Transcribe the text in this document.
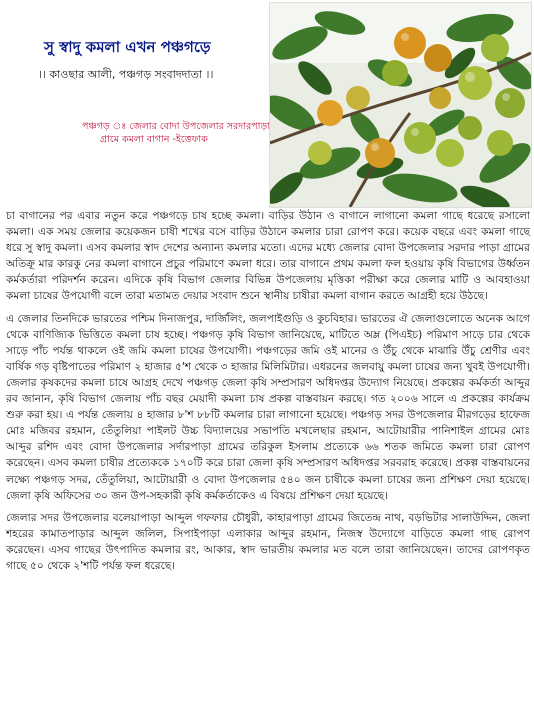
সু স্বাদু কমলা এখন পঞ্চগড়ে
।। কাওছার আলী, পঞ্চগড় সংবাদদাতা ।।
পঞ্চগড় ঃ জেলার বোদা উপজেলার সরদারপাড়া
গ্রামে কমলা বাগান -ইত্তেফাক

চা বাগানের পর এবার নতুন করে পঞ্চগড়ে চাষ হচ্ছে কমলা। বাড়ির উঠান ও বাগানে লাগানো কমলা গাছে ধরেছে রসালো কমলা। এক সময় জেলার কয়েকজন চাষী শখের বসে বাড়ির উঠানে কমলার চারা রোপণ করে। কয়েক বছরে এবং কমলা গাছে ধরে সু স্বাদু কমলা। এসব কমলার স্বাদ দেশের অন্যান্য কমলার মতো। এদের মধ্যে জেলার বোদা উপজেলার সরদার পাড়া গ্রামের অতিক্রূ মার কারকু নের কমলা বাগানে প্রচুর পরিমাণে কমলা ধরে। তার বাগানে প্রথম কমলা ফল হওয়ায় কৃষি বিভাগের উর্ধ্বতন কর্মকর্তারা পরিদর্শন করেন। এদিকে কৃষি বিভাগ জেলার বিভিন্ন উপজেলায় মৃত্তিকা পরীক্ষা করে জেলার মাটি ও আবহাওয়া কমলা চাষের উপযোগী বলে তারা মতামত দেয়ার সংবাদ শুনে স্থানীয় চাষীরা কমলা বাগান করতে আগ্রহী হয়ে উঠছে।

এ জেলার তিনদিকে ভারতের পশ্চিম দিনাজপুর, দার্জিলিং, জলপাইগুড়ি ও কুচবিহার। ভারতের ঐ জেলাগুলোতে অনেক আগে থেকে বাণিজ্যিক ভিত্তিতে কমলা চাষ হচ্ছে। পঞ্চগড় কৃষি বিভাগ জানিয়েছে, মাটিতে অম্ল (পিএইচ) পরিমাণ সাড়ে চার থেকে সাড়ে পাঁচ পর্যন্ত থাকলে ওই জমি কমলা চাষের উপযোগী। পঞ্চগড়ের জমি ওই মানের ও উঁচু থেকে মাঝারি উঁচু শ্রেণীর এবং বার্ষিক গড় বৃষ্টিপাতের পরিমাণ ২ হাজার ৫'শ থেকে ৩ হাজার মিলিমিটার। এধরনের জলবায়ু কমলা চাষের জন্য খুবই উপযোগী। জেলার কৃষকদের কমলা চাষে আগ্রহ দেখে পঞ্চগড় জেলা কৃষি সম্প্রসারণ অধিদপ্তর উদ্যোগ নিয়েছে। প্রকল্পের কর্মকর্তা আব্দুর রব জানান, কৃষি বিভাগ জেলায় পাঁচ বছর মেয়াদী কমলা চাষ প্রকল্প বাস্তবায়ন করছে। গত ২০০৬ সালে এ প্রকল্পের কার্যক্রম শুরু করা হয়। এ পর্যন্ত জেলায় ৪ হাজার ৮'শ ৮৮টি কমলার চারা লাগানো হয়েছে। পঞ্চগড় সদর উপজেলার মীরগড়ের হাফেজ মোঃ মজিবর রহমান, তেঁতুলিয়া পাইলট উচ্চ বিদ্যালয়ের সভাপতি মখলেছার রহমান, আটোয়ারীর পানিশাইল গ্রামের মোঃ আব্দুর রশিদ এবং বোদা উপজেলার সর্দারপাড়া গ্রামের তরিকুল ইসলাম প্রত্যেকে ৬৬ শতক জমিতে কমলা চারা রোপণ করেছেন। এসব কমলা চাষীর প্রত্যেককে ১৭০টি করে চারা জেলা কৃষি সম্প্রসারণ অধিদপ্তর সরবরাহ করেছে। প্রকল্প বাস্তবায়নের লক্ষ্যে পঞ্চগড় সদর, তেঁতুলিয়া, আটোয়ারী ও বোদা উপজেলার ৫৪০ জন চাষীকে কমলা চাষের জন্য প্রশিক্ষণ দেয়া হয়েছে। জেলা কৃষি অফিসের ৩০ জন উপ-সহকারী কৃষি কর্মকর্তাকেও এ বিষয়ে প্রশিক্ষণ দেয়া হয়েছে।

জেলার সদর উপজেলার বলেয়াপাড়া আব্দুল গফফার চৌধুরী, কাহারপাড়া গ্রামের জিতেন্দ্র নাথ, বড়ভিটার সালাউদ্দিন, জেলা শহরের কামাতপাড়ার আব্দুল জলিল, সিপাইপাড়া এলাকার আব্দুর রহমান, নিজস্ব উদ্যোগে বাড়িতে কমলা গাছ রোপণ করেছেন। এসব গাছের উৎপাদিত কমলার রং, আকার, স্বাদ ভারতীয় কমলার মত বলে তারা জানিয়েছেন। তাদের রোপণকৃত গাছে ৫০ থেকে ২'শটি পর্যন্ত ফল ধরেছে।
